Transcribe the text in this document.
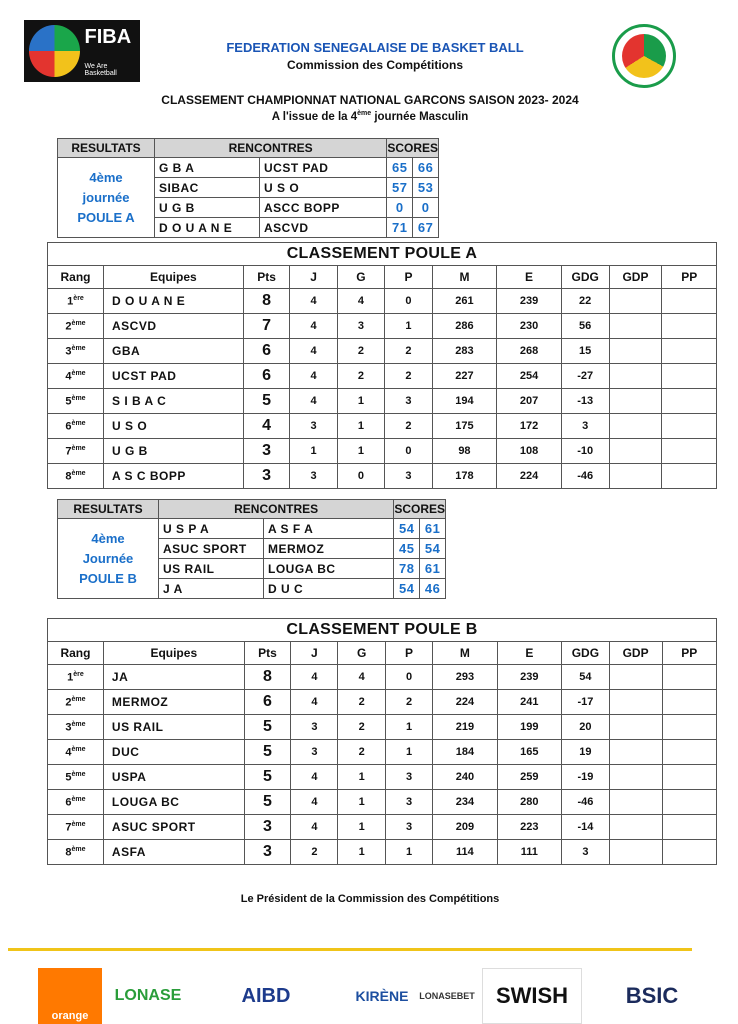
FIBA
We Are Basketball
FEDERATION SENEGALAISE DE BASKET BALL
Commission des Compétitions
CLASSEMENT CHAMPIONNAT NATIONAL GARCONS SAISON 2023- 2024
A l'issue de la 4ème journée Masculin
RESULTATS	RENCONTRES		SCORES	

4ème
journée
POULE A	G B A	UCST PAD	65	66
	SIBAC	U S O	57	53
	U G B	ASCC BOPP	0	0
	D O U A N E	ASCVD	71	67
CLASSEMENT POULE A										
Rang	Equipes	Pts	J	G	P	M	E	GDG	GDP	PP
1ère	D O U A N E	8	4	4	0	261	239	22		
2ème	ASCVD	7	4	3	1	286	230	56		
3ème	GBA	6	4	2	2	283	268	15		
4ème	UCST PAD	6	4	2	2	227	254	-27		
5ème	S I B A C	5	4	1	3	194	207	-13		
6ème	U S O	4	3	1	2	175	172	3		
7ème	U G B	3	1	1	0	98	108	-10		
8ème	A S C BOPP	3	3	0	3	178	224	-46		
RESULTATS	RENCONTRES		SCORES	

4ème
Journée
POULE B	U S P A	A S F A	54	61
	ASUC SPORT	MERMOZ	45	54
	US RAIL	LOUGA BC	78	61
	J A	D U C	54	46
CLASSEMENT POULE B										
Rang	Equipes	Pts	J	G	P	M	E	GDG	GDP	PP
1ère	JA	8	4	4	0	293	239	54		
2ème	MERMOZ	6	4	2	2	224	241	-17		
3ème	US RAIL	5	3	2	1	219	199	20		
4ème	DUC	5	3	2	1	184	165	19		
5ème	USPA	5	4	1	3	240	259	-19		
6ème	LOUGA BC	5	4	1	3	234	280	-46		
7ème	ASUC SPORT	3	4	1	3	209	223	-14		
8ème	ASFA	3	2	1	1	114	111	3		
Le Président de la Commission des Compétitions
orange
LONASE	AIBD	KIRÈNE	LONASEBET SWISH	BSIC
